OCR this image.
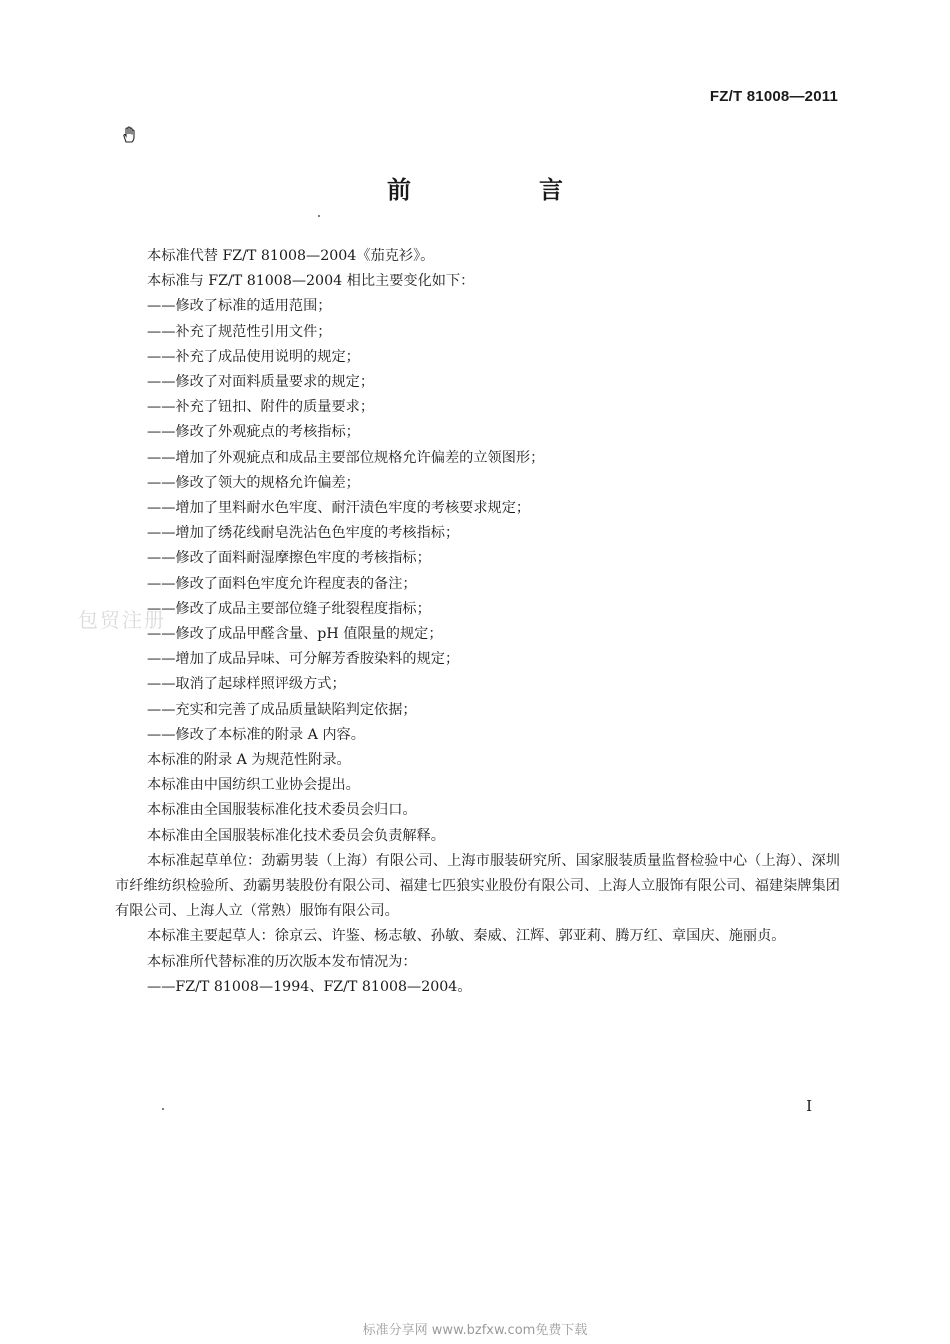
FZ/T 81008—2011
前　言
包贸注册
本标准代替 FZ/T 81008—2004《茄克衫》。
本标准与 FZ/T 81008—2004 相比主要变化如下：
——修改了标准的适用范围；
——补充了规范性引用文件；
——补充了成品使用说明的规定；
——修改了对面料质量要求的规定；
——补充了钮扣、附件的质量要求；
——修改了外观疵点的考核指标；
——增加了外观疵点和成品主要部位规格允许偏差的立领图形；
——修改了领大的规格允许偏差；
——增加了里料耐水色牢度、耐汗渍色牢度的考核要求规定；
——增加了绣花线耐皂洗沾色色牢度的考核指标；
——修改了面料耐湿摩擦色牢度的考核指标；
——修改了面料色牢度允许程度表的备注；
——修改了成品主要部位缝子纰裂程度指标；
——修改了成品甲醛含量、pH 值限量的规定；
——增加了成品异味、可分解芳香胺染料的规定；
——取消了起球样照评级方式；
——充实和完善了成品质量缺陷判定依据；
——修改了本标准的附录 A 内容。
本标准的附录 A 为规范性附录。
本标准由中国纺织工业协会提出。
本标准由全国服装标准化技术委员会归口。
本标准由全国服装标准化技术委员会负责解释。
本标准起草单位：劲霸男装（上海）有限公司、上海市服装研究所、国家服装质量监督检验中心（上海）、深圳市纤维纺织检验所、劲霸男装股份有限公司、福建七匹狼实业股份有限公司、上海人立服饰有限公司、福建柒牌集团有限公司、上海人立（常熟）服饰有限公司。
本标准主要起草人：徐京云、许鉴、杨志敏、孙敏、秦威、江辉、郭亚莉、腾万红、章国庆、施丽贞。
本标准所代替标准的历次版本发布情况为：
——FZ/T 81008—1994、FZ/T 81008—2004。
I
标准分享网 www.bzfxw.com免费下载
